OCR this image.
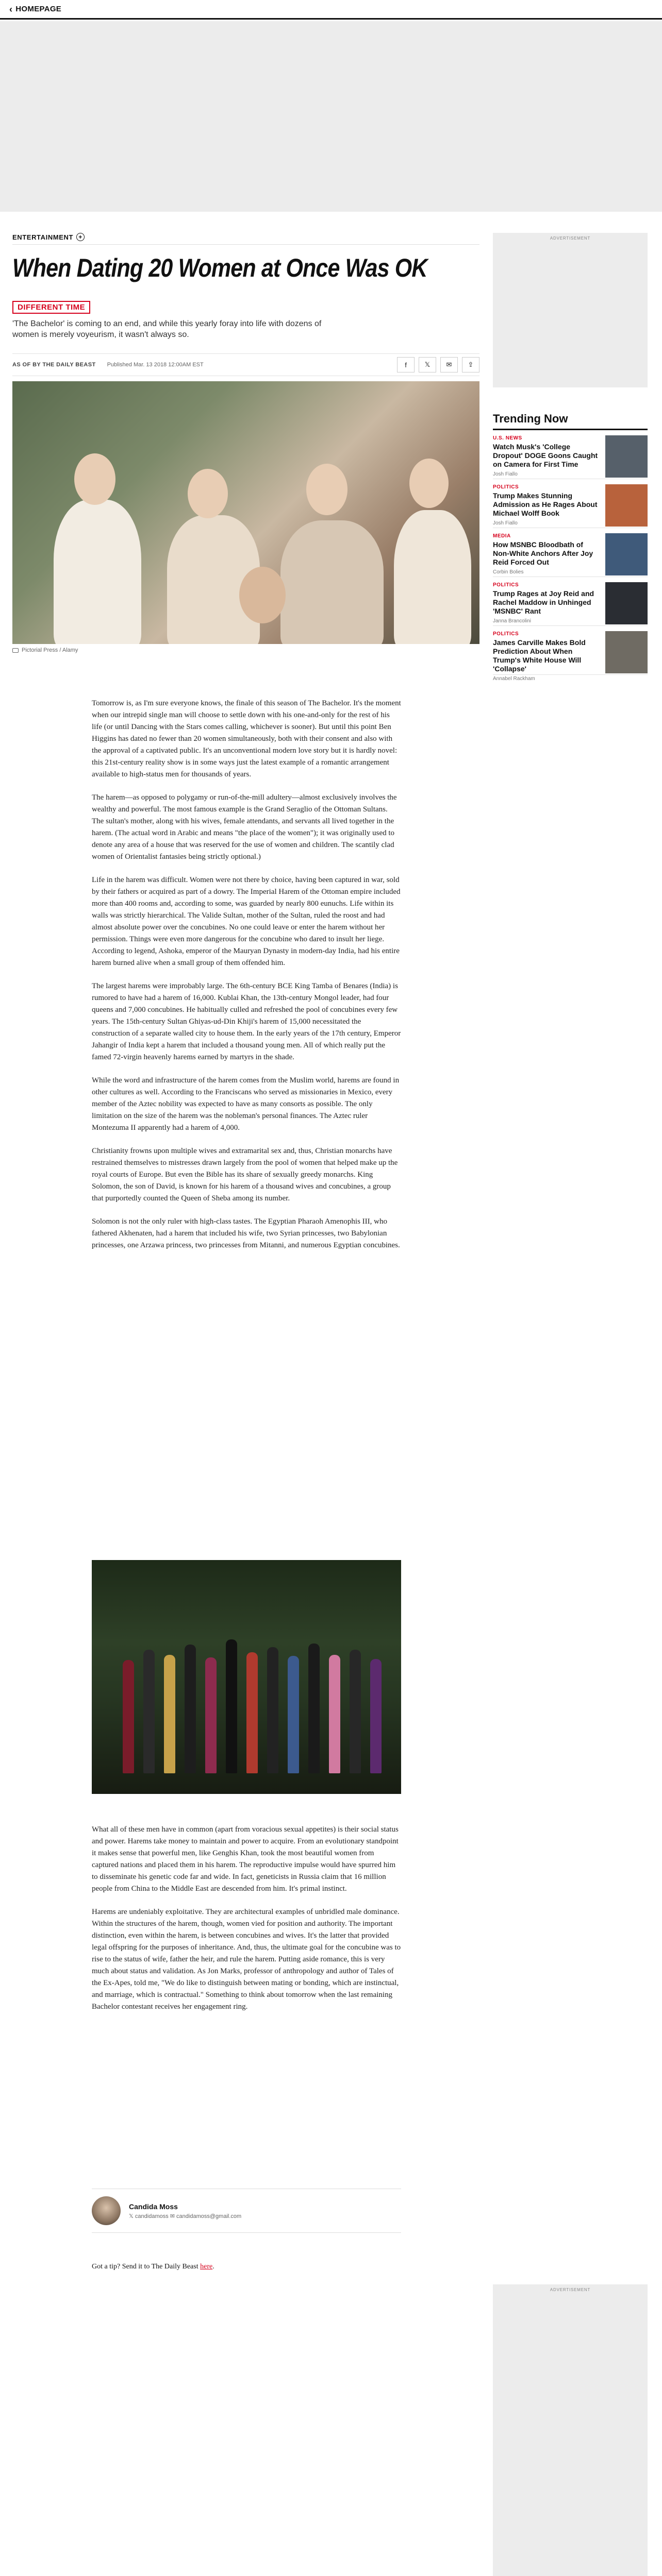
‹ HOMEPAGE
ENTERTAINMENT +
When Dating 20 Women at Once Was OK
DIFFERENT TIME

'The Bachelor' is coming to an end, and while this yearly foray into life with dozens of women is merely voyeurism, it wasn't always so.

AS OF BY THE DAILY BEAST Published Mar. 13 2018 12:00AM EST	f	𝕏	✉	⇪
Pictorial Press / Alamy

Tomorrow is, as I'm sure everyone knows, the finale of this season of The Bachelor. It's the moment when our intrepid single man will choose to settle down with his one-and-only for the rest of his life (or until Dancing with the Stars comes calling, whichever is sooner). But until this point Ben Higgins has dated no fewer than 20 women simultaneously, both with their consent and also with the approval of a captivated public. It's an unconventional modern love story but it is hardly novel: this 21st-century reality show is in some ways just the latest example of a romantic arrangement available to high-status men for thousands of years.

The harem—as opposed to polygamy or run-of-the-mill adultery—almost exclusively involves the wealthy and powerful. The most famous example is the Grand Seraglio of the Ottoman Sultans. The sultan's mother, along with his wives, female attendants, and servants all lived together in the harem. (The actual word in Arabic and means "the place of the women"); it was originally used to denote any area of a house that was reserved for the use of women and children. The scantily clad women of Orientalist fantasies being strictly optional.)

Life in the harem was difficult. Women were not there by choice, having been captured in war, sold by their fathers or acquired as part of a dowry. The Imperial Harem of the Ottoman empire included more than 400 rooms and, according to some, was guarded by nearly 800 eunuchs. Life within its walls was strictly hierarchical. The Valide Sultan, mother of the Sultan, ruled the roost and had almost absolute power over the concubines. No one could leave or enter the harem without her permission. Things were even more dangerous for the concubine who dared to insult her liege. According to legend, Ashoka, emperor of the Mauryan Dynasty in modern-day India, had his entire harem burned alive when a small group of them offended him.

The largest harems were improbably large. The 6th-century BCE King Tamba of Benares (India) is rumored to have had a harem of 16,000. Kublai Khan, the 13th-century Mongol leader, had four queens and 7,000 concubines. He habitually culled and refreshed the pool of concubines every few years. The 15th-century Sultan Ghiyas-ud-Din Khiji's harem of 15,000 necessitated the construction of a separate walled city to house them. In the early years of the 17th century, Emperor Jahangir of India kept a harem that included a thousand young men. All of which really put the famed 72-virgin heavenly harems earned by martyrs in the shade.

While the word and infrastructure of the harem comes from the Muslim world, harems are found in other cultures as well. According to the Franciscans who served as missionaries in Mexico, every member of the Aztec nobility was expected to have as many consorts as possible. The only limitation on the size of the harem was the nobleman's personal finances. The Aztec ruler Montezuma II apparently had a harem of 4,000.

Christianity frowns upon multiple wives and extramarital sex and, thus, Christian monarchs have restrained themselves to mistresses drawn largely from the pool of women that helped make up the royal courts of Europe. But even the Bible has its share of sexually greedy monarchs. King Solomon, the son of David, is known for his harem of a thousand wives and concubines, a group that purportedly counted the Queen of Sheba among its number.

Solomon is not the only ruler with high-class tastes. The Egyptian Pharaoh Amenophis III, who fathered Akhenaten, had a harem that included his wife, two Syrian princesses, two Babylonian princesses, one Arzawa princess, two princesses from Mitanni, and numerous Egyptian concubines.

What all of these men have in common (apart from voracious sexual appetites) is their social status and power. Harems take money to maintain and power to acquire. From an evolutionary standpoint it makes sense that powerful men, like Genghis Khan, took the most beautiful women from captured nations and placed them in his harem. The reproductive impulse would have spurred him to disseminate his genetic code far and wide. In fact, geneticists in Russia claim that 16 million people from China to the Middle East are descended from him. It's primal instinct.

Harems are undeniably exploitative. They are architectural examples of unbridled male dominance. Within the structures of the harem, though, women vied for position and authority. The important distinction, even within the harem, is between concubines and wives. It's the latter that provided legal offspring for the purposes of inheritance. And, thus, the ultimate goal for the concubine was to rise to the status of wife, father the heir, and rule the harem. Putting aside romance, this is very much about status and validation. As Jon Marks, professor of anthropology and author of Tales of the Ex-Apes, told me, "We do like to distinguish between mating or bonding, which are instinctual, and marriage, which is contractual." Something to think about tomorrow when the last remaining Bachelor contestant receives her engagement ring.

Candida Moss
𝕏 candidamoss ✉ candidamoss@gmail.com
Got a tip? Send it to The Daily Beast here.
ADVERTISEMENT
ADVERTISEMENT
Trending Now
U.S. NEWS
Watch Musk's 'College Dropout' DOGE Goons Caught on Camera for First Time
Josh Fiallo
POLITICS
Trump Makes Stunning Admission as He Rages About Michael Wolff Book
Josh Fiallo
MEDIA
How MSNBC Bloodbath of Non-White Anchors After Joy Reid Forced Out
Corbin Bolies
POLITICS
Trump Rages at Joy Reid and Rachel Maddow in Unhinged 'MSNBC' Rant
Janna Brancolini
POLITICS
James Carville Makes Bold Prediction About When Trump's White House Will 'Collapse'
Annabel Rackham
